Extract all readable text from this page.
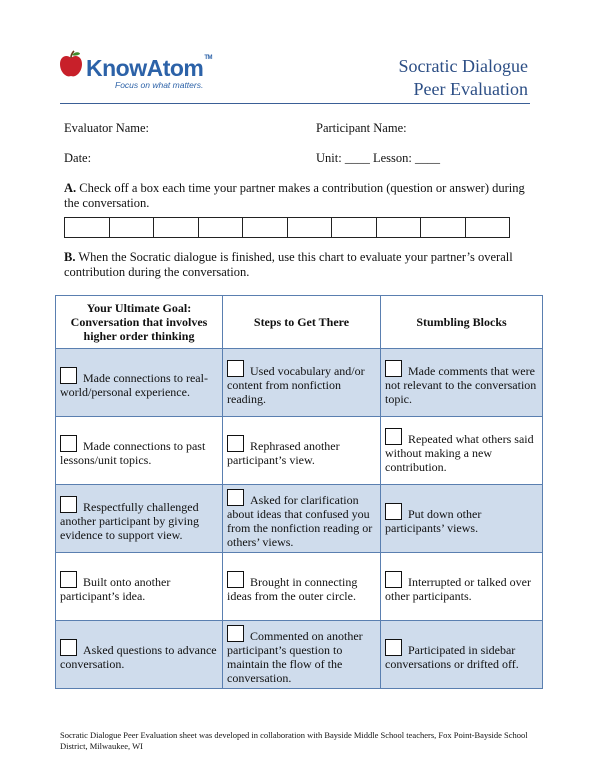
KnowAtom™
Focus on what matters.
Socratic Dialogue
Peer Evaluation
Evaluator Name:	Participant Name:
Date:	Unit: ____ Lesson: ____
A. Check off a box each time your partner makes a contribution (question or answer) during the conversation.
B. When the Socratic dialogue is finished, use this chart to evaluate your partner’s overall contribution during the conversation.
Your Ultimate Goal: Conversation that involves higher order thinking	Steps to Get There	Stumbling Blocks

Made connections to real-world/personal experience.	Used vocabulary and/or content from nonfiction reading.	Made comments that were not relevant to the conversation topic.

Made connections to past lessons/unit topics.	Rephrased another participant’s view.	Repeated what others said without making a new contribution.

Respectfully challenged another participant by giving evidence to support view.	Asked for clarification about ideas that confused you from the nonfiction reading or others’ views.	Put down other participants’ views.

Built onto another participant’s idea.	Brought in connecting ideas from the outer circle.	Interrupted or talked over other participants.

Asked questions to advance conversation.	Commented on another participant’s question to maintain the flow of the conversation.	Participated in sidebar conversations or drifted off.
Socratic Dialogue Peer Evaluation sheet was developed in collaboration with Bayside Middle School teachers, Fox Point-Bayside School District, Milwaukee, WI
